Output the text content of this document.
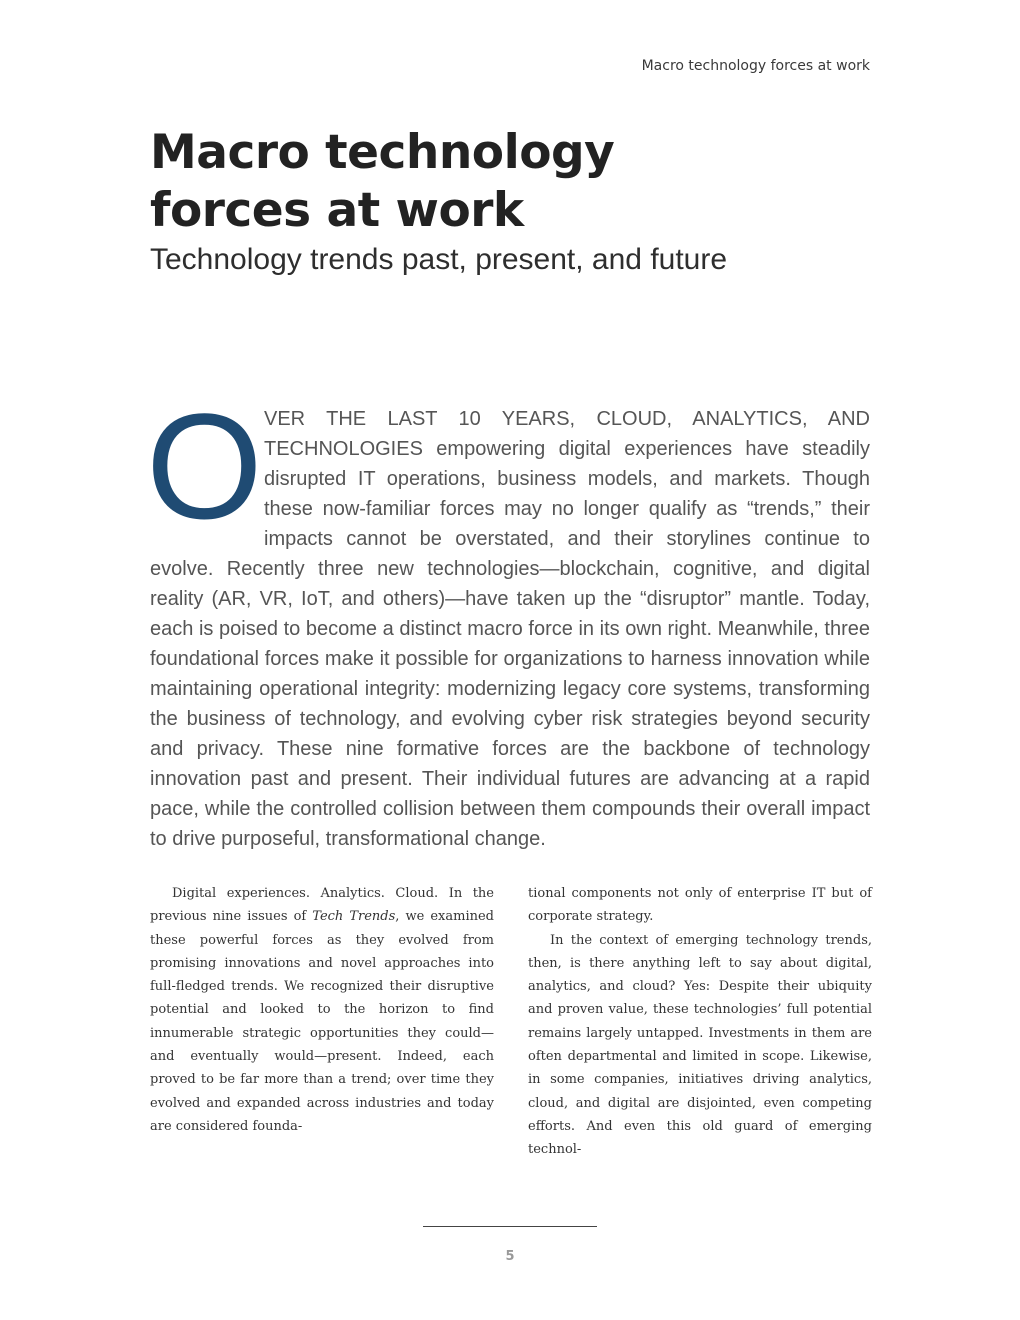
Macro technology forces at work
Macro technology forces at work
Technology trends past, present, and future

OVER THE LAST 10 YEARS, CLOUD, ANALYTICS, AND TECHNOLOGIES empowering digital experiences have steadily disrupted IT operations, business models, and markets. Though these now-familiar forces may no longer qualify as “trends,” their impacts cannot be overstated, and their storylines continue to evolve. Recently three new technologies—blockchain, cognitive, and digital reality (AR, VR, IoT, and others)—have taken up the “disruptor” mantle. Today, each is poised to become a distinct macro force in its own right. Meanwhile, three foundational forces make it possible for organizations to harness innovation while maintaining operational integrity: modernizing legacy core systems, transforming the business of technology, and evolving cyber risk strategies beyond security and privacy. These nine formative forces are the backbone of technology innovation past and present. Their individual futures are advancing at a rapid pace, while the controlled collision between them compounds their overall impact to drive purposeful, transformational change.

Digital experiences. Analytics. Cloud. In the previous nine issues of Tech Trends, we examined these powerful forces as they evolved from promising innovations and novel approaches into full-fledged trends. We recognized their disruptive potential and looked to the horizon to find innumerable strategic opportunities they could—and eventually would—present. Indeed, each proved to be far more than a trend; over time they evolved and expanded across industries and today are considered founda-

tional components not only of enterprise IT but of corporate strategy.

In the context of emerging technology trends, then, is there anything left to say about digital, analytics, and cloud? Yes: Despite their ubiquity and proven value, these technologies’ full potential remains largely untapped. Investments in them are often departmental and limited in scope. Likewise, in some companies, initiatives driving analytics, cloud, and digital are disjointed, even competing efforts. And even this old guard of emerging technol-

5
